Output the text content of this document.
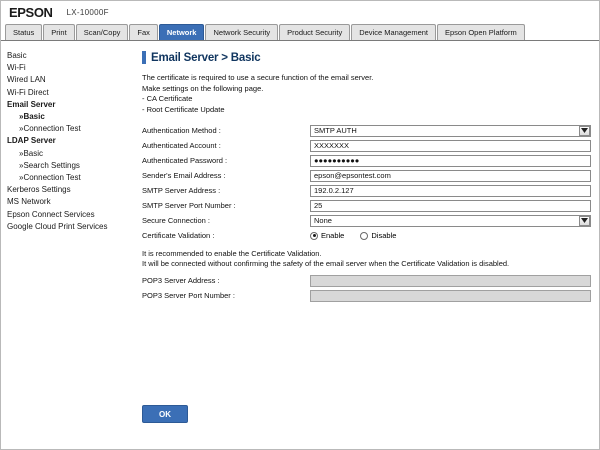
EPSON LX-10000F
Status	Print	Scan/Copy	Fax	Network	Network Security	Product Security	Device Management	Epson Open Platform
Basic
Wi-Fi
Wired LAN
Wi-Fi Direct
Email Server
»Basic
»Connection Test
LDAP Server
»Basic
»Search Settings
»Connection Test
Kerberos Settings
MS Network
Epson Connect Services
Google Cloud Print Services
Email Server > Basic
The certificate is required to use a secure function of the email server.
Make settings on the following page.
- CA Certificate
- Root Certificate Update
Authentication Method :	SMTP AUTH

Authenticated Account :	XXXXXXX

Authenticated Password :	●●●●●●●●●●

Sender's Email Address :	epson@epsontest.com

SMTP Server Address :	192.0.2.127

SMTP Server Port Number :	25

Secure Connection :	None

Certificate Validation :	Enable Disable
It is recommended to enable the Certificate Validation.
It will be connected without confirming the safety of the email server when the Certificate Validation is disabled.
POP3 Server Address :	

POP3 Server Port Number :	
OK
